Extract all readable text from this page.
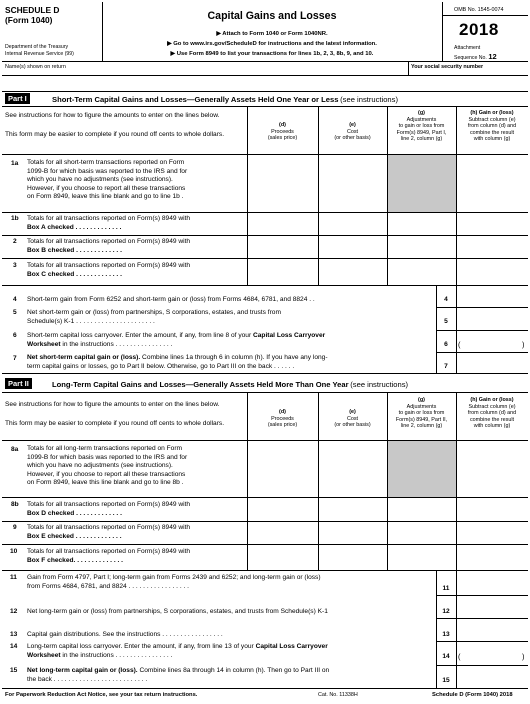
SCHEDULE D
(Form 1040)
Department of the Treasury
Internal Revenue Service (99)
Capital Gains and Losses
▶ Attach to Form 1040 or Form 1040NR.
▶ Go to www.irs.gov/ScheduleD for instructions and the latest information.
▶ Use Form 8949 to list your transactions for lines 1b, 2, 3, 8b, 9, and 10.
OMB No. 1545-0074
2018
Attachment
Sequence No. 12
Name(s) shown on return	Your social security number
Part I	Short-Term Capital Gains and Losses—Generally Assets Held One Year or Less (see instructions)
See instructions for how to figure the amounts to enter on the lines below.
This form may be easier to complete if you round off cents to whole dollars.
(d)
Proceeds
(sales price)
(e)
Cost
(or other basis)
(g)
Adjustments
to gain or loss from
Form(s) 8949, Part I,
line 2, column (g)
(h) Gain or (loss)
Subtract column (e)
from column (d) and
combine the result
with column (g)
1a Totals for all short-term transactions reported on Form
1099-B for which basis was reported to the IRS and for
which you have no adjustments (see instructions).
However, if you choose to report all these transactions
on Form 8949, leave this line blank and go to line 1b .
1b Totals for all transactions reported on Form(s) 8949 with
Box A checked . . . . . . . . . . . . .
2 Totals for all transactions reported on Form(s) 8949 with
Box B checked . . . . . . . . . . . . .
3 Totals for all transactions reported on Form(s) 8949 with
Box C checked . . . . . . . . . . . . .
4 Short-term gain from Form 6252 and short-term gain or (loss) from Forms 4684, 6781, and 8824 . .	4
5 Net short-term gain or (loss) from partnerships, S corporations, estates, and trusts from
Schedule(s) K-1 . . . . . . . . . . . . . . . . . . . . . .	5
6 Short-term capital loss carryover. Enter the amount, if any, from line 8 of your Capital Loss Carryover
Worksheet in the instructions . . . . . . . . . . . . . . . .	6	(	)
7 Net short-term capital gain or (loss). Combine lines 1a through 6 in column (h). If you have any long-
term capital gains or losses, go to Part II below. Otherwise, go to Part III on the back . . . . . .	7
Part II	Long-Term Capital Gains and Losses—Generally Assets Held More Than One Year (see instructions)
See instructions for how to figure the amounts to enter on the lines below.
This form may be easier to complete if you round off cents to whole dollars.
(d)
Proceeds
(sales price)
(e)
Cost
(or other basis)
(g)
Adjustments
to gain or loss from
Form(s) 8949, Part II,
line 2, column (g)
(h) Gain or (loss)
Subtract column (e)
from column (d) and
combine the result
with column (g)
8a Totals for all long-term transactions reported on Form
1099-B for which basis was reported to the IRS and for
which you have no adjustments (see instructions).
However, if you choose to report all these transactions
on Form 8949, leave this line blank and go to line 8b .
8b Totals for all transactions reported on Form(s) 8949 with
Box D checked . . . . . . . . . . . . .
9 Totals for all transactions reported on Form(s) 8949 with
Box E checked . . . . . . . . . . . . .
10 Totals for all transactions reported on Form(s) 8949 with
Box F checked. . . . . . . . . . . . . .
11 Gain from Form 4797, Part I; long-term gain from Forms 2439 and 6252; and long-term gain or (loss)
from Forms 4684, 6781, and 8824 . . . . . . . . . . . . . . . . .	11
12 Net long-term gain or (loss) from partnerships, S corporations, estates, and trusts from Schedule(s) K-1	12
13 Capital gain distributions. See the instructions . . . . . . . . . . . . . . . . .	13
14 Long-term capital loss carryover. Enter the amount, if any, from line 13 of your Capital Loss Carryover
Worksheet in the instructions . . . . . . . . . . . . . . . .	14	(	)
15 Net long-term capital gain or (loss). Combine lines 8a through 14 in column (h). Then go to Part III on
the back . . . . . . . . . . . . . . . . . . . . . . . . . .	15
For Paperwork Reduction Act Notice, see your tax return instructions.	Cat. No. 11338H	Schedule D (Form 1040) 2018
